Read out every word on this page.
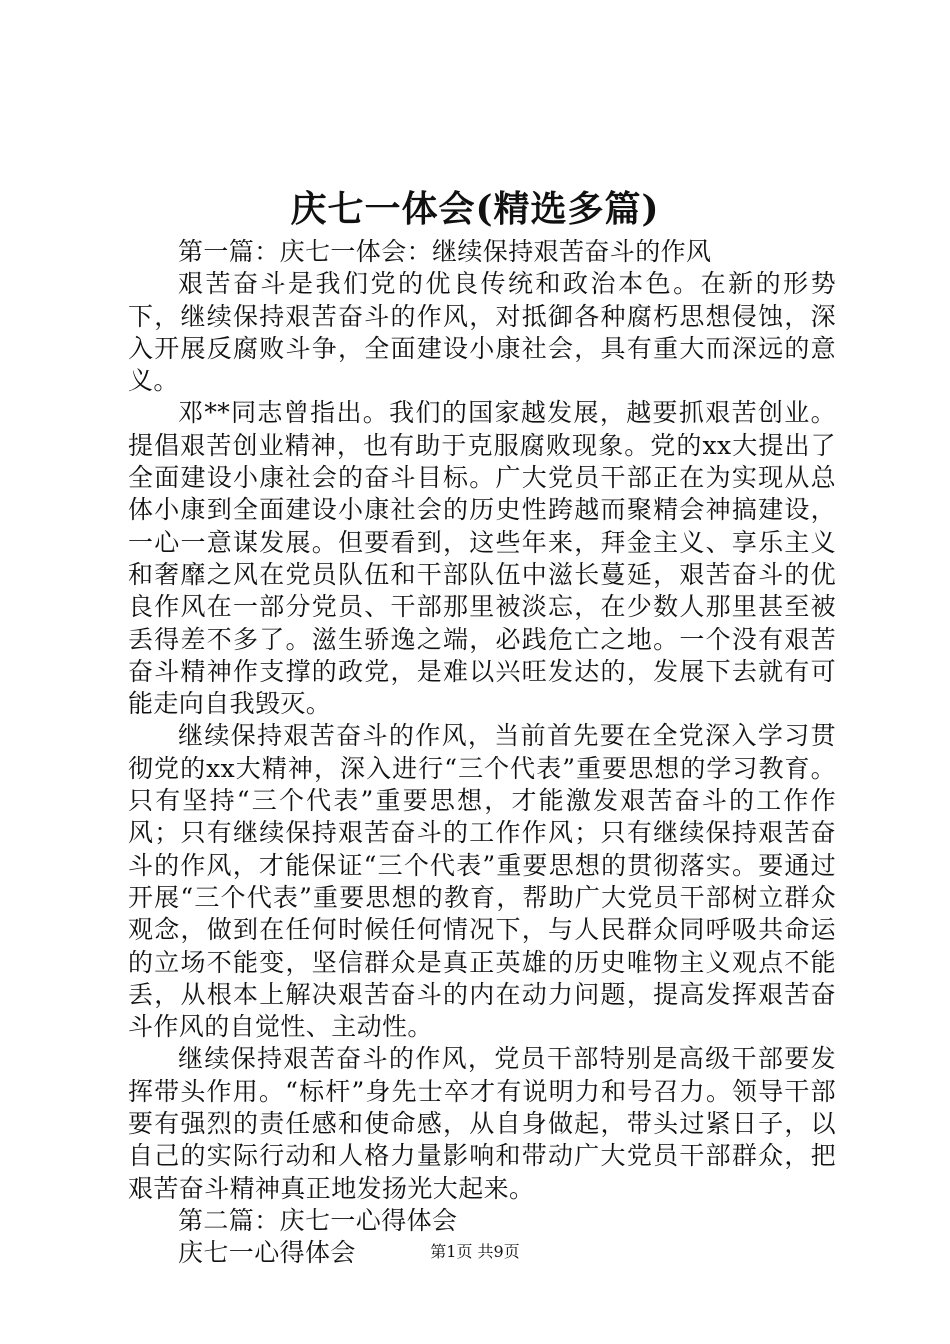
庆七一体会(精选多篇)

第一篇：庆七一体会：继续保持艰苦奋斗的作风

艰苦奋斗是我们党的优良传统和政治本色。在新的形势下，继续保持艰苦奋斗的作风，对抵御各种腐朽思想侵蚀，深入开展反腐败斗争，全面建设小康社会，具有重大而深远的意义。

邓**同志曾指出。我们的国家越发展，越要抓艰苦创业。提倡艰苦创业精神，也有助于克服腐败现象。党的xx大提出了全面建设小康社会的奋斗目标。广大党员干部正在为实现从总体小康到全面建设小康社会的历史性跨越而聚精会神搞建设，一心一意谋发展。但要看到，这些年来，拜金主义、享乐主义和奢靡之风在党员队伍和干部队伍中滋长蔓延，艰苦奋斗的优良作风在一部分党员、干部那里被淡忘，在少数人那里甚至被丢得差不多了。滋生骄逸之端，必践危亡之地。一个没有艰苦奋斗精神作支撑的政党，是难以兴旺发达的，发展下去就有可能走向自我毁灭。

继续保持艰苦奋斗的作风，当前首先要在全党深入学习贯彻党的xx大精神，深入进行“三个代表”重要思想的学习教育。只有坚持“三个代表”重要思想，才能激发艰苦奋斗的工作作风；只有继续保持艰苦奋斗的工作作风；只有继续保持艰苦奋斗的作风，才能保证“三个代表”重要思想的贯彻落实。要通过开展“三个代表”重要思想的教育，帮助广大党员干部树立群众观念，做到在任何时候任何情况下，与人民群众同呼吸共命运的立场不能变，坚信群众是真正英雄的历史唯物主义观点不能丢，从根本上解决艰苦奋斗的内在动力问题，提高发挥艰苦奋斗作风的自觉性、主动性。

继续保持艰苦奋斗的作风，党员干部特别是高级干部要发挥带头作用。“标杆”身先士卒才有说明力和号召力。领导干部要有强烈的责任感和使命感，从自身做起，带头过紧日子，以自己的实际行动和人格力量影响和带动广大党员干部群众，把艰苦奋斗精神真正地发扬光大起来。

第二篇：庆七一心得体会

庆七一心得体会	第1页 共9页
